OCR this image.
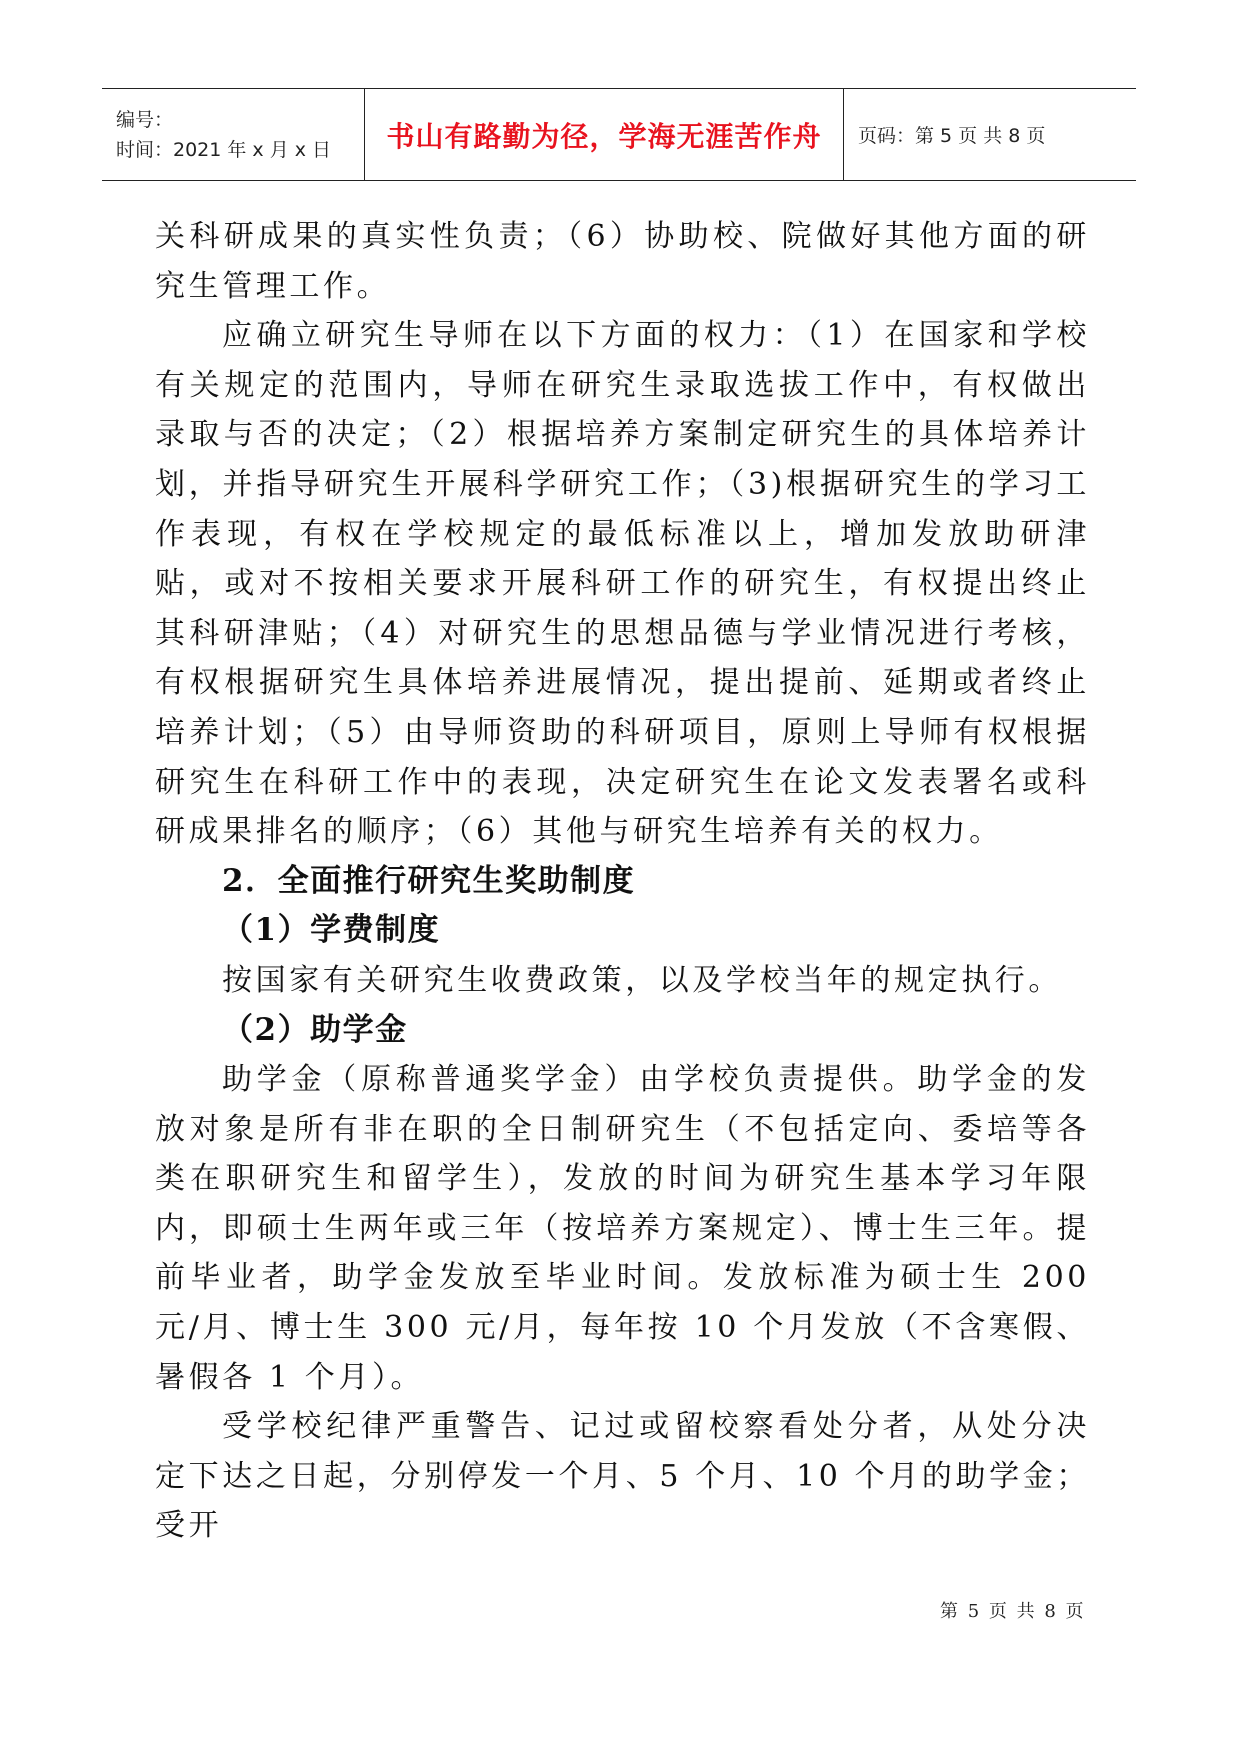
编号：
时间：2021 年 x 月 x 日	书山有路勤为径，学海无涯苦作舟 页码：第 5 页 共 8 页

关科研成果的真实性负责；（6）协助校、院做好其他方面的研究生管理工作。

应确立研究生导师在以下方面的权力：（1）在国家和学校有关规定的范围内，导师在研究生录取选拔工作中，有权做出录取与否的决定；（2）根据培养方案制定研究生的具体培养计划，并指导研究生开展科学研究工作；（3)根据研究生的学习工作表现，有权在学校规定的最低标准以上，增加发放助研津贴，或对不按相关要求开展科研工作的研究生，有权提出终止其科研津贴；（4）对研究生的思想品德与学业情况进行考核，有权根据研究生具体培养进展情况，提出提前、延期或者终止培养计划；（5）由导师资助的科研项目，原则上导师有权根据研究生在科研工作中的表现，决定研究生在论文发表署名或科研成果排名的顺序；（6）其他与研究生培养有关的权力。

2．全面推行研究生奖助制度

（1）学费制度

按国家有关研究生收费政策，以及学校当年的规定执行。

（2）助学金

助学金（原称普通奖学金）由学校负责提供。助学金的发放对象是所有非在职的全日制研究生（不包括定向、委培等各类在职研究生和留学生），发放的时间为研究生基本学习年限内，即硕士生两年或三年（按培养方案规定）、博士生三年。提前毕业者，助学金发放至毕业时间。发放标准为硕士生 200 元/月、博士生 300 元/月，每年按 10 个月发放（不含寒假、暑假各 1 个月）。

受学校纪律严重警告、记过或留校察看处分者，从处分决定下达之日起，分别停发一个月、5 个月、10 个月的助学金；受开

第 5 页 共 8 页
